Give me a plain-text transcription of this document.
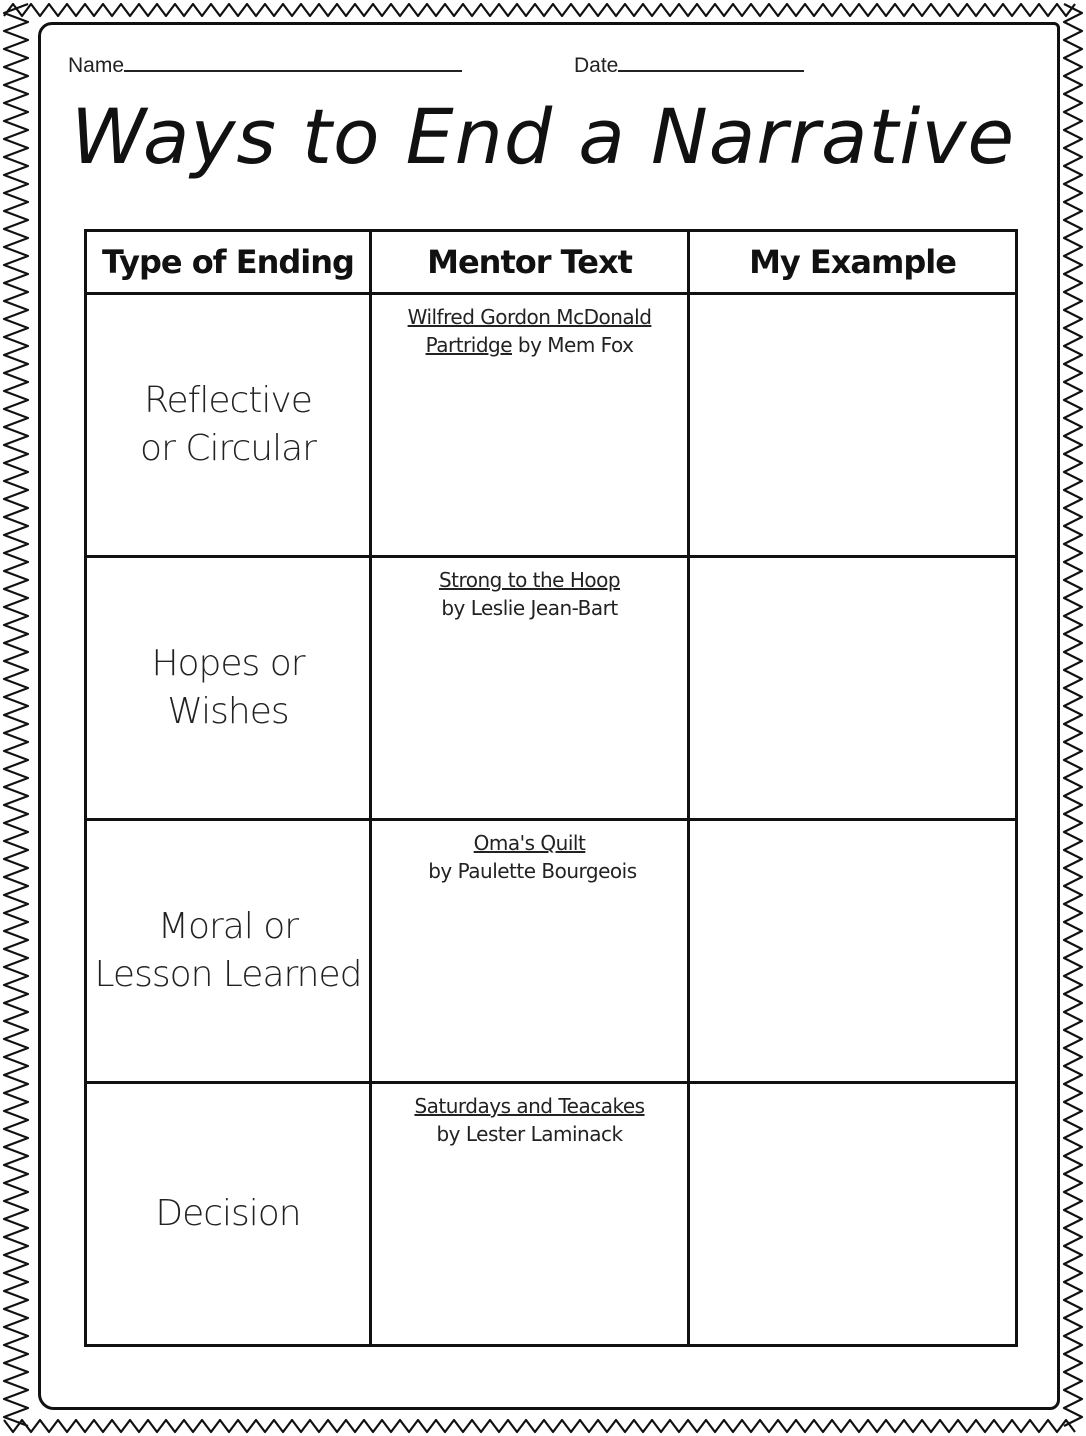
Name	Date
Ways to End a Narrative
Type of Ending	Mentor Text	My Example

Reflective
or Circular	Wilfred Gordon McDonald
Partridge by Mem Fox	

Hopes or Wishes	Strong to the Hoop
by Leslie Jean-Bart	

Moral or
Lesson Learned	Oma's Quilt by Paulette Bourgeois	

Decision	Saturdays and Teacakes
by Lester Laminack	
